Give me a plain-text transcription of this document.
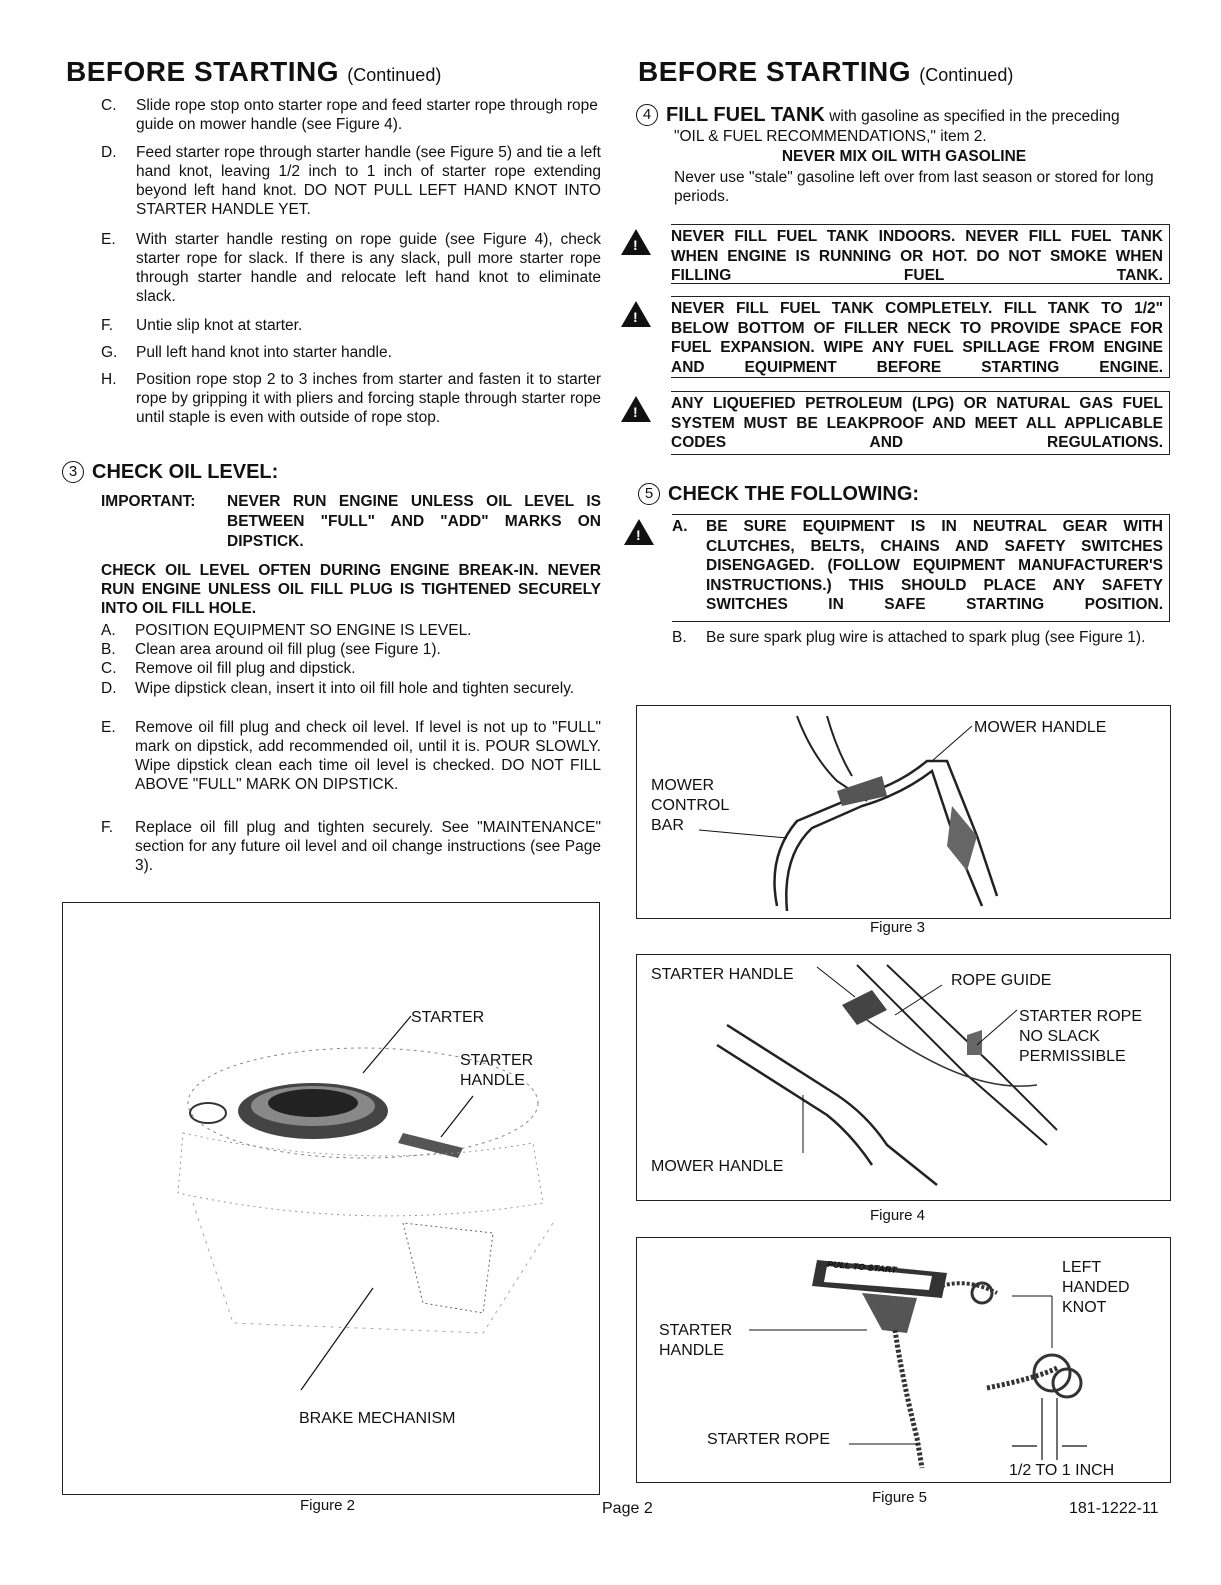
BEFORE STARTING (Continued)
C. Slide rope stop onto starter rope and feed starter rope through rope guide on mower handle (see Figure 4).
D. Feed starter rope through starter handle (see Figure 5) and tie a left hand knot, leaving 1/2 inch to 1 inch of starter rope extending beyond left hand knot. DO NOT PULL LEFT HAND KNOT INTO STARTER HANDLE YET.
E. With starter handle resting on rope guide (see Figure 4), check starter rope for slack. If there is any slack, pull more starter rope through starter handle and relocate left hand knot to eliminate slack.
F. Untie slip knot at starter.
G. Pull left hand knot into starter handle.
H. Position rope stop 2 to 3 inches from starter and fasten it to starter rope by gripping it with pliers and forcing staple through starter rope until staple is even with outside of rope stop.
3 CHECK OIL LEVEL:
IMPORTANT: NEVER RUN ENGINE UNLESS OIL LEVEL IS BETWEEN "FULL" AND "ADD" MARKS ON DIPSTICK.
CHECK OIL LEVEL OFTEN DURING ENGINE BREAK-IN. NEVER RUN ENGINE UNLESS OIL FILL PLUG IS TIGHTENED SECURELY INTO OIL FILL HOLE.
A. POSITION EQUIPMENT SO ENGINE IS LEVEL.
B. Clean area around oil fill plug (see Figure 1).
C. Remove oil fill plug and dipstick.
D. Wipe dipstick clean, insert it into oil fill hole and tighten securely.
E. Remove oil fill plug and check oil level. If level is not up to "FULL" mark on dipstick, add recommended oil, until it is. POUR SLOWLY. Wipe dipstick clean each time oil level is checked. DO NOT FILL ABOVE "FULL" MARK ON DIPSTICK.
F. Replace oil fill plug and tighten securely. See "MAINTENANCE" section for any future oil level and oil change instructions (see Page 3).
STARTER
STARTER HANDLE
BRAKE MECHANISM
Figure 2
BEFORE STARTING (Continued)
4 FILL FUEL TANK with gasoline as specified in the preceding
"OIL & FUEL RECOMMENDATIONS," item 2.
NEVER MIX OIL WITH GASOLINE
Never use "stale" gasoline left over from last season or stored for long periods.
! NEVER FILL FUEL TANK INDOORS. NEVER FILL FUEL TANK WHEN ENGINE IS RUNNING OR HOT. DO NOT SMOKE WHEN FILLING FUEL TANK.
! NEVER FILL FUEL TANK COMPLETELY. FILL TANK TO 1/2" BELOW BOTTOM OF FILLER NECK TO PROVIDE SPACE FOR FUEL EXPANSION. WIPE ANY FUEL SPILLAGE FROM ENGINE AND EQUIPMENT BEFORE STARTING ENGINE.
! ANY LIQUEFIED PETROLEUM (LPG) OR NATURAL GAS FUEL SYSTEM MUST BE LEAKPROOF AND MEET ALL APPLICABLE CODES AND REGULATIONS.
5 CHECK THE FOLLOWING:
! A. BE SURE EQUIPMENT IS IN NEUTRAL GEAR WITH CLUTCHES, BELTS, CHAINS AND SAFETY SWITCHES DISENGAGED. (FOLLOW EQUIPMENT MANUFACTURER'S INSTRUCTIONS.) THIS SHOULD PLACE ANY SAFETY SWITCHES IN SAFE STARTING POSITION.
B. Be sure spark plug wire is attached to spark plug (see Figure 1).
MOWER HANDLE
MOWER
CONTROL
BAR
Figure 3
STARTER HANDLE	ROPE GUIDE
STARTER ROPE
NO SLACK
PERMISSIBLE
MOWER HANDLE
Figure 4
PULL TO START	LEFT
HANDED
KNOT
STARTER
HANDLE
STARTER ROPE
1/2 TO 1 INCH
Figure 5
Page 2	181-1222-11
